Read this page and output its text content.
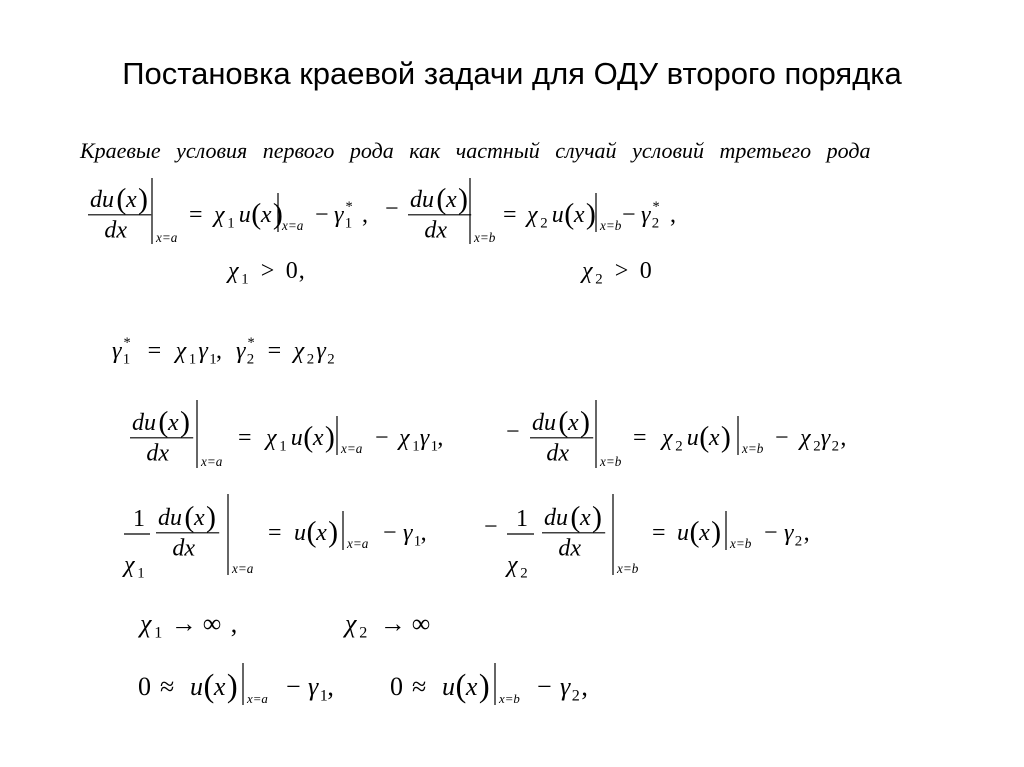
Постановка краевой задачи для ОДУ второго порядка
Краевые условия первого рода как частный случай условий третьего рода
du ( x )
dx x=a
= χ 1 u ( x ) x=a − γ 1
* , − du ( x )
dx x=b
= χ 2 u ( x ) x=b − γ 2
* ,
χ 1 > 0 ,	χ 2 > 0
γ 1
* = χ 1 γ 1 , γ 2
* = χ 2 γ 2
du ( x )
dx x=a
= χ 1 u ( x ) x=a − χ 1 γ 1 ,	− du ( x )
dx x=b
= χ 2 u ( x ) x=b − χ 2 γ 2 ,
1
χ 1
du ( x )
dx
x=a
= u ( x ) x=a − γ 1 , − 1
χ 2
du ( x )
dx
x=b
= u ( x ) x=b − γ 2 ,
χ 1 → ∞ ,	χ 2 → ∞
0 ≈ u ( x ) x=a − γ 1 , 0 ≈ u ( x ) x=b − γ 2 ,
